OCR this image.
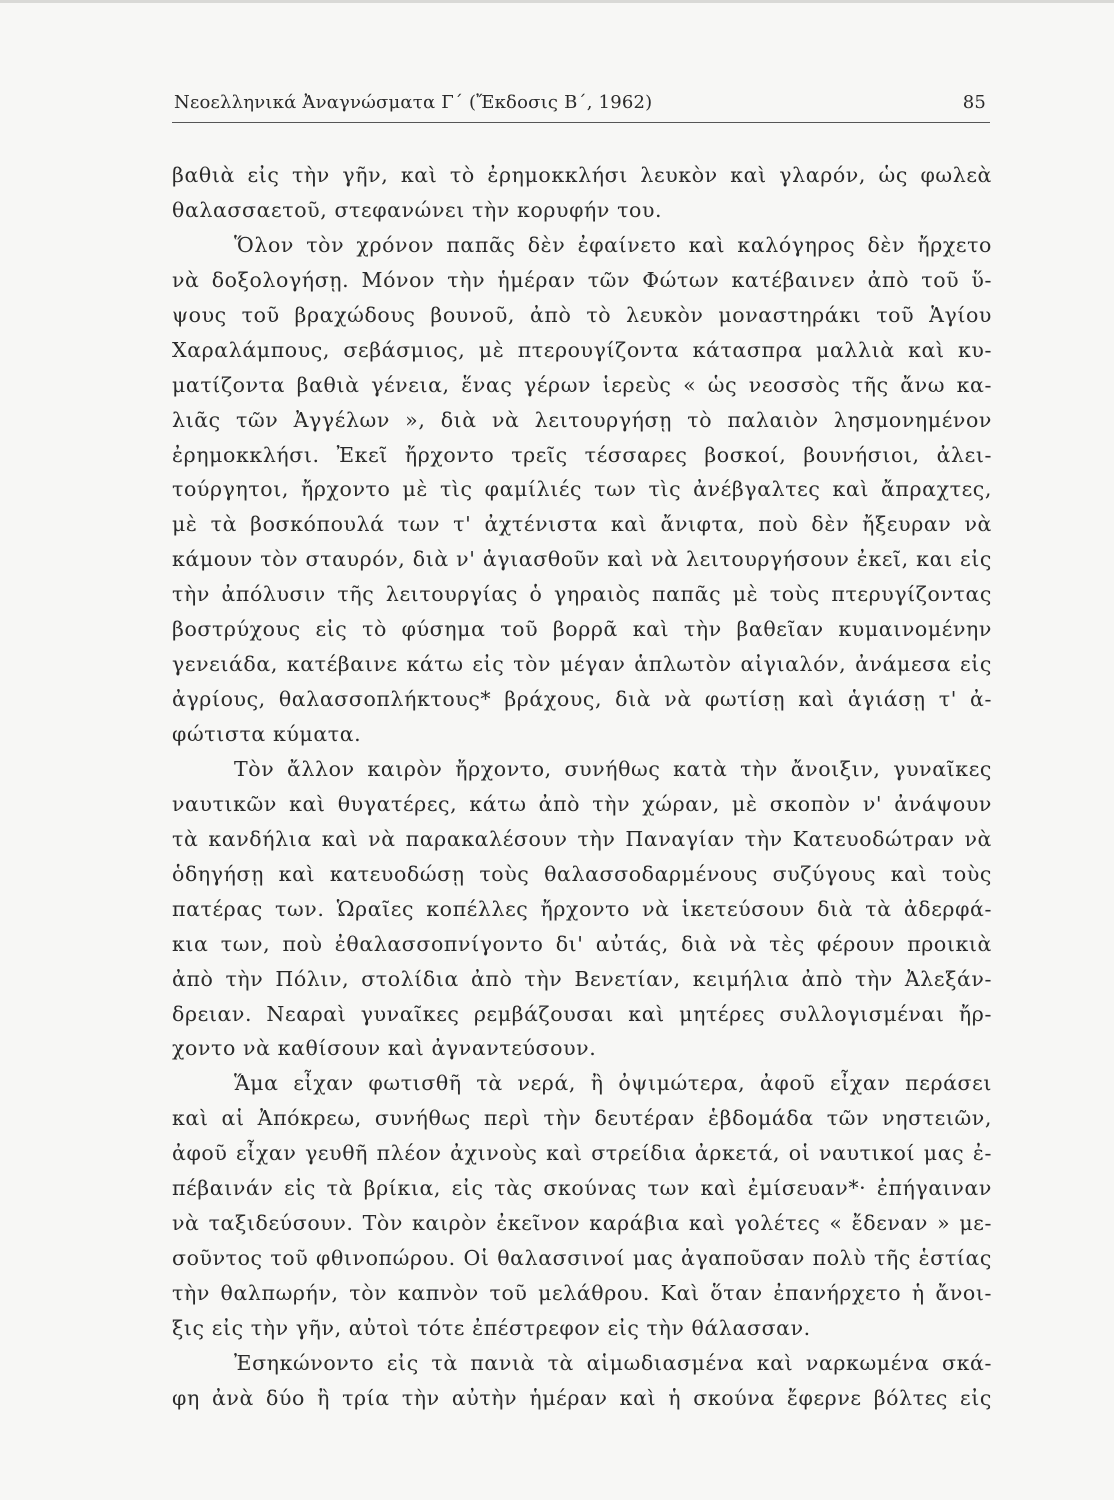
Νεοελληνικά Ἀναγνώσματα Γ΄ (Ἔκδοσις Β΄, 1962)	85
βαθιὰ εἰς τὴν γῆν, καὶ τὸ ἐρημοκκλήσι λευκὸν καὶ γλαρόν, ὡς φωλεὰ
θαλασσαετοῦ, στεφανώνει τὴν κορυφήν του.
Ὅλον τὸν χρόνον παπᾶς δὲν ἐφαίνετο καὶ καλόγηρος δὲν ἤρχετο
νὰ δοξολογήσῃ. Μόνον τὴν ἡμέραν τῶν Φώτων κατέβαινεν ἀπὸ τοῦ ὕ-
ψους τοῦ βραχώδους βουνοῦ, ἀπὸ τὸ λευκὸν μοναστηράκι τοῦ Ἁγίου
Χαραλάμπους, σεβάσμιος, μὲ πτερουγίζοντα κάτασπρα μαλλιὰ καὶ κυ-
ματίζοντα βαθιὰ γένεια, ἕνας γέρων ἱερεὺς « ὡς νεοσσὸς τῆς ἄνω κα-
λιᾶς τῶν Ἀγγέλων », διὰ νὰ λειτουργήσῃ τὸ παλαιὸν λησμονημένον
ἐρημοκκλήσι. Ἐκεῖ ἤρχοντο τρεῖς τέσσαρες βοσκοί, βουνήσιοι, ἀλει-
τούργητοι, ἤρχοντο μὲ τὶς φαμίλιές των τὶς ἀνέβγαλτες καὶ ἄπραχτες,
μὲ τὰ βοσκόπουλά των τ' ἀχτένιστα καὶ ἄνιφτα, ποὺ δὲν ἤξευραν νὰ
κάμουν τὸν σταυρόν, διὰ ν' ἁγιασθοῦν καὶ νὰ λειτουργήσουν ἐκεῖ, και εἰς
τὴν ἀπόλυσιν τῆς λειτουργίας ὁ γηραιὸς παπᾶς μὲ τοὺς πτερυγίζοντας
βοστρύχους εἰς τὸ φύσημα τοῦ βορρᾶ καὶ τὴν βαθεῖαν κυμαινομένην
γενειάδα, κατέβαινε κάτω εἰς τὸν μέγαν ἁπλωτὸν αἰγιαλόν, ἀνάμεσα εἰς
ἀγρίους, θαλασσοπλήκτους* βράχους, διὰ νὰ φωτίσῃ καὶ ἁγιάσῃ τ' ἀ-
φώτιστα κύματα.
Τὸν ἄλλον καιρὸν ἤρχοντο, συνήθως κατὰ τὴν ἄνοιξιν, γυναῖκες
ναυτικῶν καὶ θυγατέρες, κάτω ἀπὸ τὴν χώραν, μὲ σκοπὸν ν' ἀνάψουν
τὰ κανδήλια καὶ νὰ παρακαλέσουν τὴν Παναγίαν τὴν Κατευοδώτραν νὰ
ὁδηγήσῃ καὶ κατευοδώσῃ τοὺς θαλασσοδαρμένους συζύγους καὶ τοὺς
πατέρας των. Ὡραῖες κοπέλλες ἤρχοντο νὰ ἱκετεύσουν διὰ τὰ ἀδερφά-
κια των, ποὺ ἐθαλασσοπνίγοντο δι' αὐτάς, διὰ νὰ τὲς φέρουν προικιὰ
ἀπὸ τὴν Πόλιν, στολίδια ἀπὸ τὴν Βενετίαν, κειμήλια ἀπὸ τὴν Ἀλεξάν-
δρειαν. Νεαραὶ γυναῖκες ρεμβάζουσαι καὶ μητέρες συλλογισμέναι ἤρ-
χοντο νὰ καθίσουν καὶ ἀγναντεύσουν.
Ἅμα εἶχαν φωτισθῆ τὰ νερά, ἢ ὀψιμώτερα, ἀφοῦ εἶχαν περάσει
καὶ αἱ Ἀπόκρεω, συνήθως περὶ τὴν δευτέραν ἑβδομάδα τῶν νηστειῶν,
ἀφοῦ εἶχαν γευθῆ πλέον ἀχινοὺς καὶ στρείδια ἀρκετά, οἱ ναυτικοί μας ἐ-
πέβαινάν εἰς τὰ βρίκια, εἰς τὰς σκούνας των καὶ ἐμίσευαν*· ἐπήγαιναν
νὰ ταξιδεύσουν. Τὸν καιρὸν ἐκεῖνον καράβια καὶ γολέτες « ἔδεναν » με-
σοῦντος τοῦ φθινοπώρου. Οἱ θαλασσινοί μας ἀγαποῦσαν πολὺ τῆς ἑστίας
τὴν θαλπωρήν, τὸν καπνὸν τοῦ μελάθρου. Καὶ ὅταν ἐπανήρχετο ἡ ἄνοι-
ξις εἰς τὴν γῆν, αὐτοὶ τότε ἐπέστρεφον εἰς τὴν θάλασσαν.
Ἐσηκώνοντο εἰς τὰ πανιὰ τὰ αἱμωδιασμένα καὶ ναρκωμένα σκά-
φη ἀνὰ δύο ἢ τρία τὴν αὐτὴν ἡμέραν καὶ ἡ σκούνα ἔφερνε βόλτες εἰς
